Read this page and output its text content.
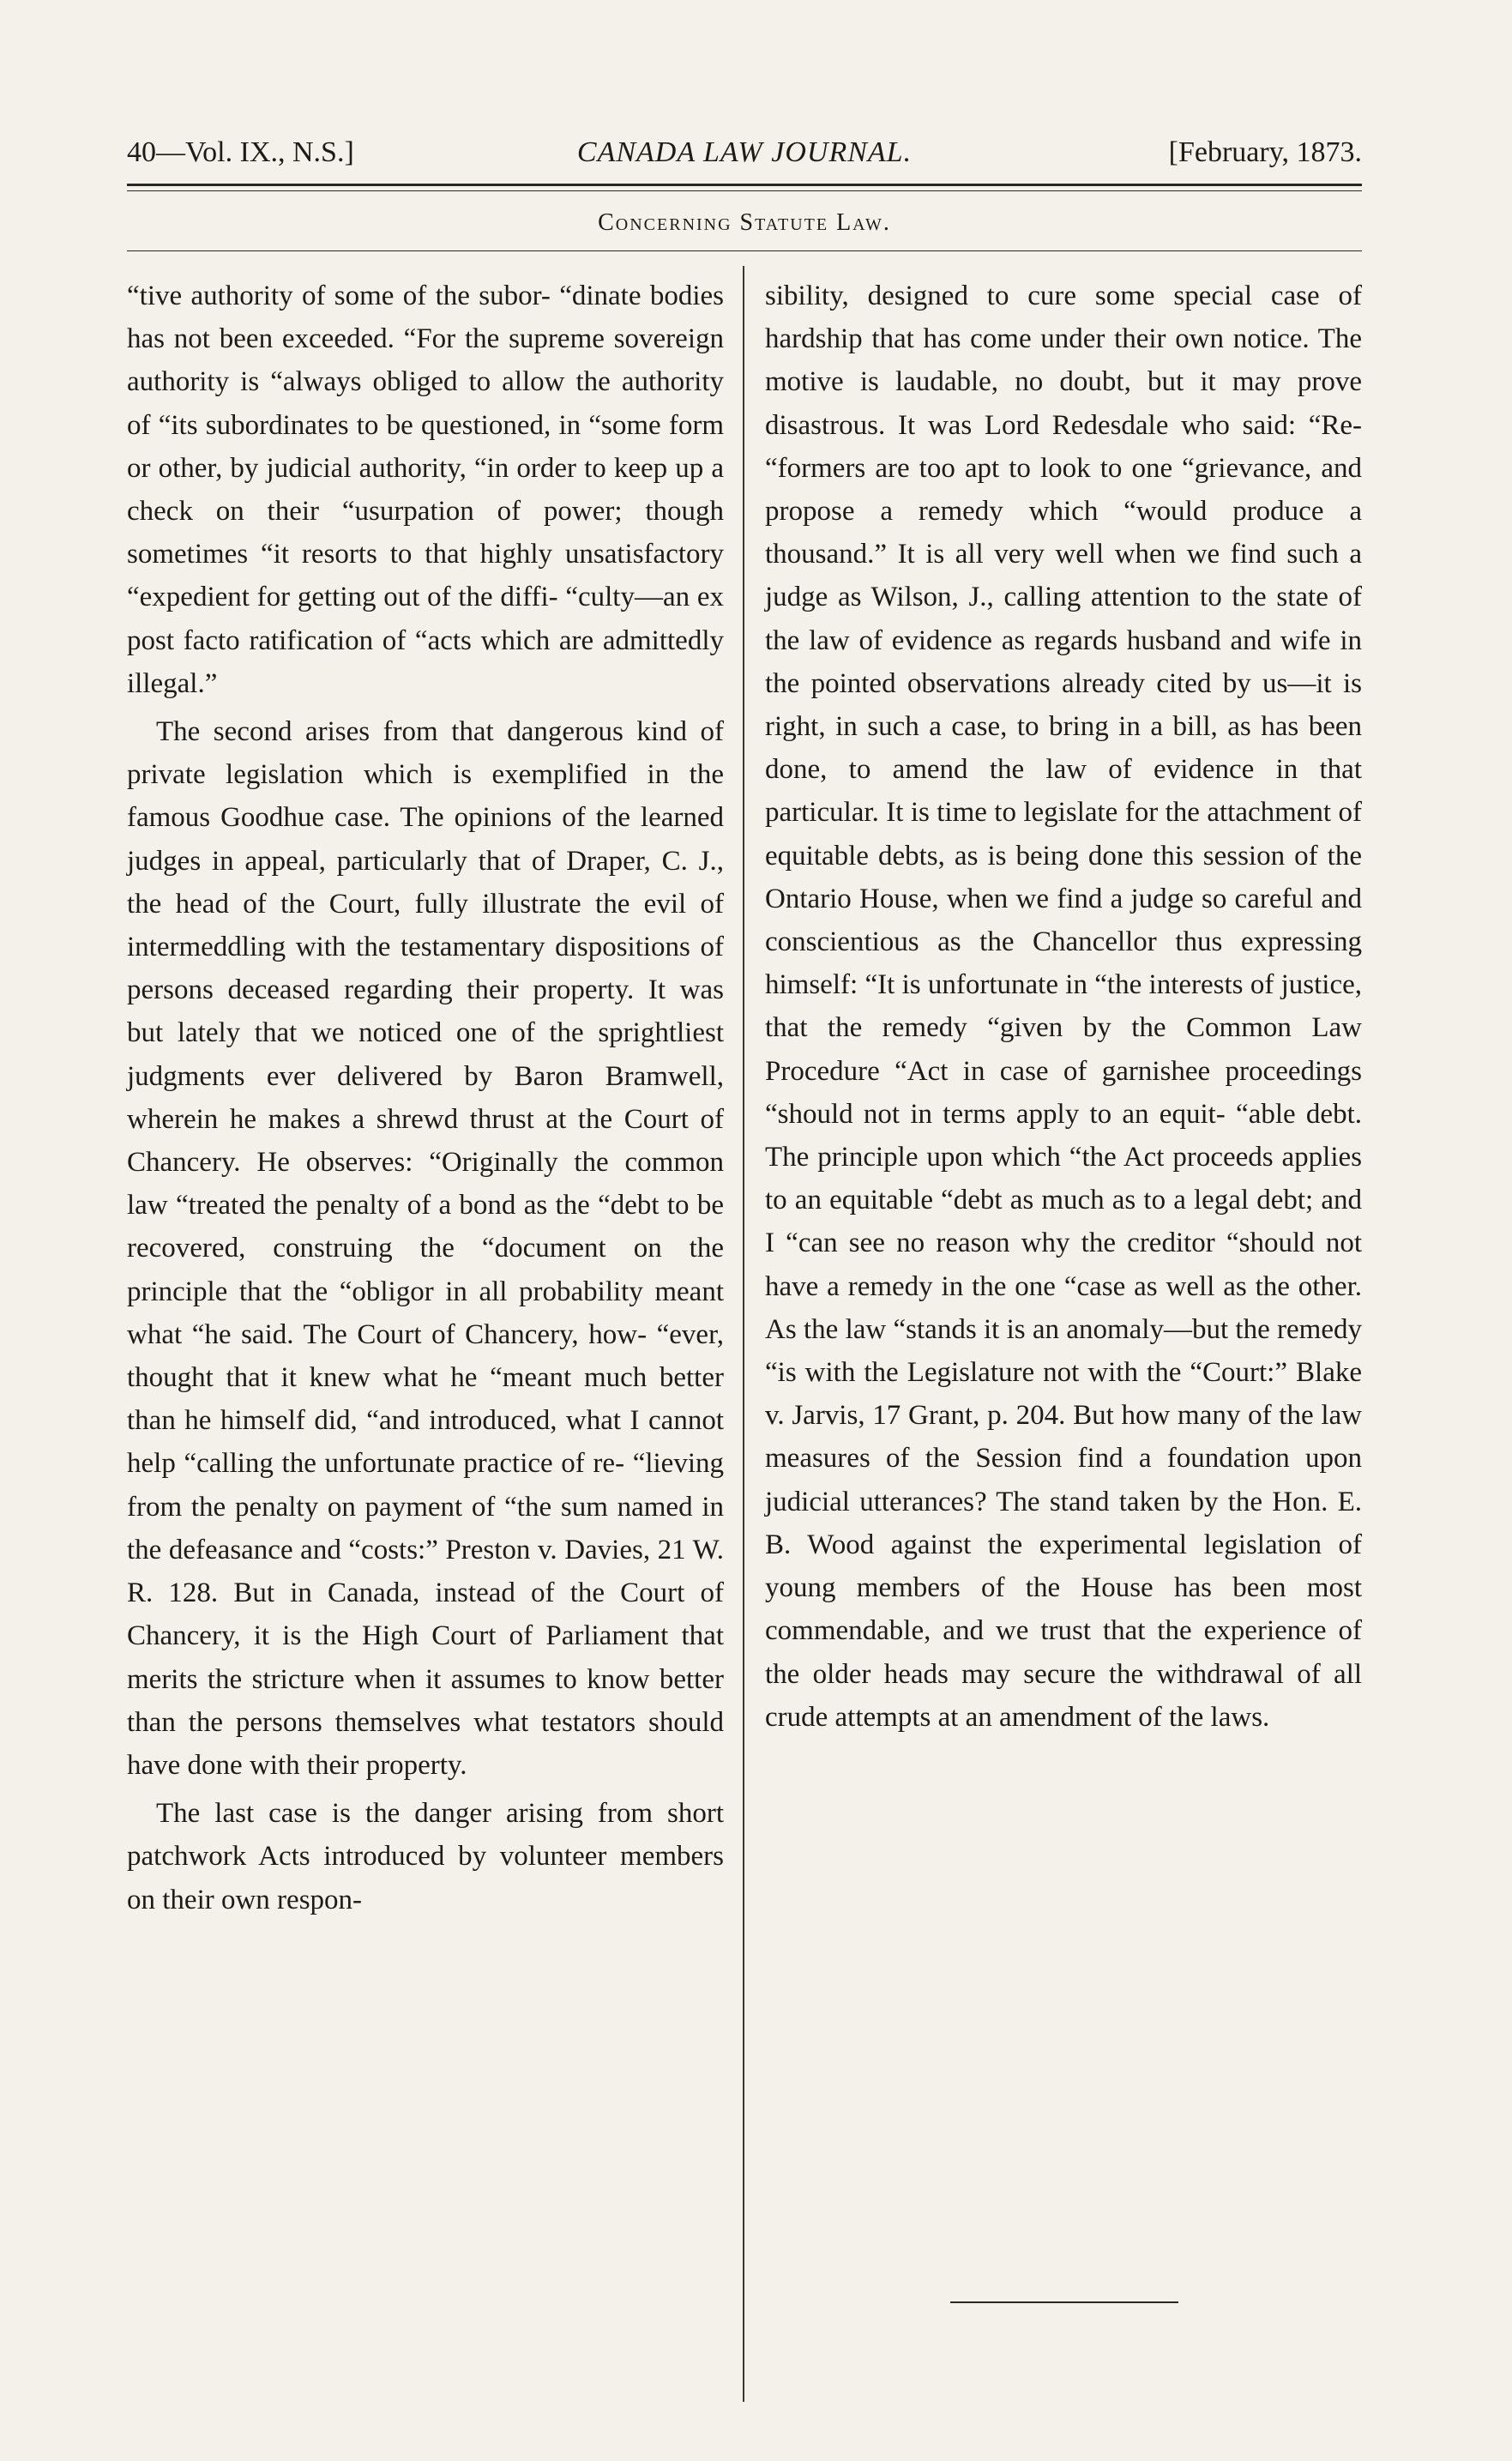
40—Vol. IX., N.S.]	CANADA LAW JOURNAL.	[February, 1873.
Concerning Statute Law.

“tive authority of some of the subor- “dinate bodies has not been exceeded. “For the supreme sovereign authority is “always obliged to allow the authority of “its subordinates to be questioned, in “some form or other, by judicial authority, “in order to keep up a check on their “usurpation of power; though sometimes “it resorts to that highly unsatisfactory “expedient for getting out of the diffi- “culty—an ex post facto ratification of “acts which are admittedly illegal.”

The second arises from that dangerous kind of private legislation which is exemplified in the famous Goodhue case. The opinions of the learned judges in appeal, particularly that of Draper, C. J., the head of the Court, fully illustrate the evil of intermeddling with the testamentary dispositions of persons deceased regarding their property. It was but lately that we noticed one of the sprightliest judgments ever delivered by Baron Bramwell, wherein he makes a shrewd thrust at the Court of Chancery. He observes: “Originally the common law “treated the penalty of a bond as the “debt to be recovered, construing the “document on the principle that the “obligor in all probability meant what “he said. The Court of Chancery, how- “ever, thought that it knew what he “meant much better than he himself did, “and introduced, what I cannot help “calling the unfortunate practice of re- “lieving from the penalty on payment of “the sum named in the defeasance and “costs:” Preston v. Davies, 21 W. R. 128. But in Canada, instead of the Court of Chancery, it is the High Court of Parliament that merits the stricture when it assumes to know better than the persons themselves what testators should have done with their property.

The last case is the danger arising from short patchwork Acts introduced by volunteer members on their own respon-

sibility, designed to cure some special case of hardship that has come under their own notice. The motive is laudable, no doubt, but it may prove disastrous. It was Lord Redesdale who said: “Re- “formers are too apt to look to one “grievance, and propose a remedy which “would produce a thousand.” It is all very well when we find such a judge as Wilson, J., calling attention to the state of the law of evidence as regards husband and wife in the pointed observations already cited by us—it is right, in such a case, to bring in a bill, as has been done, to amend the law of evidence in that particular. It is time to legislate for the attachment of equitable debts, as is being done this session of the Ontario House, when we find a judge so careful and conscientious as the Chancellor thus expressing himself: “It is unfortunate in “the interests of justice, that the remedy “given by the Common Law Procedure “Act in case of garnishee proceedings “should not in terms apply to an equit- “able debt. The principle upon which “the Act proceeds applies to an equitable “debt as much as to a legal debt; and I “can see no reason why the creditor “should not have a remedy in the one “case as well as the other. As the law “stands it is an anomaly—but the remedy “is with the Legislature not with the “Court:” Blake v. Jarvis, 17 Grant, p. 204. But how many of the law measures of the Session find a foundation upon judicial utterances? The stand taken by the Hon. E. B. Wood against the experimental legislation of young members of the House has been most commendable, and we trust that the experience of the older heads may secure the withdrawal of all crude attempts at an amendment of the laws.
